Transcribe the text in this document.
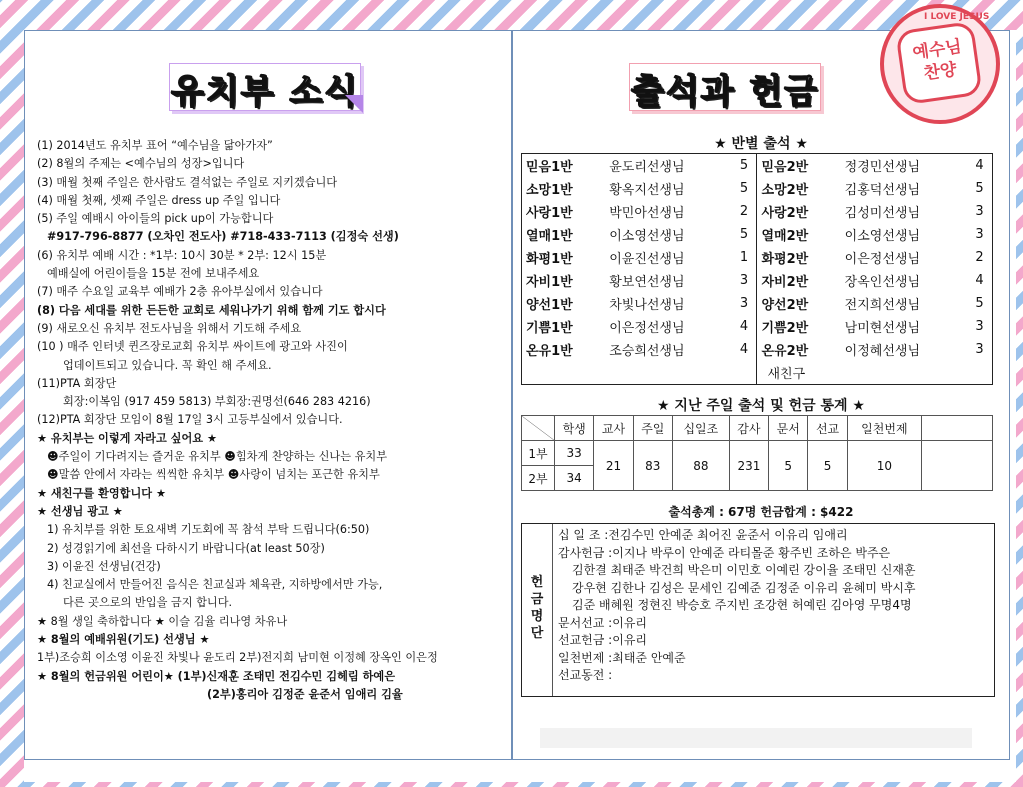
유치부 소식
(1) 2014년도 유치부 표어 “예수님을 닮아가자”
(2) 8월의 주제는 <예수님의 성장>입니다
(3) 매월 첫째 주일은 한사람도 결석없는 주일로 지키겠습니다
(4) 매월 첫째, 셋째 주일은 dress up 주일 입니다
(5) 주일 예배시 아이들의 pick up이 가능합니다
#917-796-8877 (오차인 전도사) #718-433-7113 (김정숙 선생)
(6) 유치부 예배 시간 : *1부: 10시 30분 * 2부: 12시 15분
예배실에 어린이들을 15분 전에 보내주세요
(7) 매주 수요일 교육부 예배가 2층 유아부실에서 있습니다
(8) 다음 세대를 위한 든든한 교회로 세워나가기 위해 함께 기도 합시다
(9) 새로오신 유치부 전도사님을 위해서 기도해 주세요
(10 ) 매주 인터넷 퀸즈장로교회 유치부 싸이트에 광고와 사진이
업데이트되고 있습니다. 꼭 확인 해 주세요.
(11)PTA 회장단
회장:이복임 (917 459 5813) 부회장:권명선(646 283 4216)
(12)PTA 회장단 모임이 8월 17일 3시 고등부실에서 있습니다.
★ 유치부는 이렇게 자라고 싶어요 ★
☻주일이 기다려지는 즐거운 유치부 ☻힘차게 찬양하는 신나는 유치부
☻말씀 안에서 자라는 씩씩한 유치부 ☻사랑이 넘치는 포근한 유치부
★ 새친구를 환영합니다 ★
★ 선생님 광고 ★
1) 유치부를 위한 토요새벽 기도회에 꼭 참석 부탁 드립니다(6:50)
2) 성경읽기에 최선을 다하시기 바랍니다(at least 50장)
3) 이윤진 선생님(건강)
4) 친교실에서 만들어진 음식은 친교실과 체육관, 지하방에서만 가능,
다른 곳으로의 반입을 금지 합니다.
★ 8월 생일 축하합니다 ★ 이슬 김율 리나영 차유나
★ 8월의 예배위원(기도) 선생님 ★
1부)조승희 이소영 이윤진 차빛나 윤도리 2부)전지희 남미현 이정혜 장옥인 이은정
★ 8월의 헌금위원 어린이★ (1부)신재훈 조태민 전김수민 김헤림 하예은
(2부)홍리아 김정준 윤준서 임애리 김율
출석과 헌금
★ 반별 출석 ★
믿음1반	윤도리선생님	5	믿음2반	정경민선생님	4
소망1반	황옥지선생님	5	소망2반	김홍덕선생님	5
사랑1반	박민아선생님	2	사랑2반	김성미선생님	3
열매1반	이소영선생님	5	열매2반	이소영선생님	3
화평1반	이윤진선생님	1	화평2반	이은정선생님	2
자비1반	황보연선생님	3	자비2반	장옥인선생님	4
양선1반	차빛나선생님	3	양선2반	전지희선생님	5
기쁨1반	이은정선생님	4	기쁨2반	남미현선생님	3
온유1반	조승희선생님	4	온유2반	이정혜선생님	3
			새친구		
★ 지난 주일 출석 및 헌금 통계 ★
	학생	교사	주일	십일조	감사	문서	선교	일천번제	
1부	33	21	83	88	231	5	5	10	
2부	34								
출석총계 : 67명 헌금합계 : $422
헌금명단
십 일 조 :전김수민 안예준 최어진 윤준서 이유리 임애리
감사헌금 :이지나 박루이 안예준 라티몰준 황주빈 조하은 박주은
김한결 최태준 박건희 박은미 이민호 이예린 강이율 조태민 신재훈
강우현 김한나 김성은 문세인 김예준 김정준 이유리 윤혜미 박시후
김준 배혜원 정현진 박승호 주지빈 조강현 허예린 김아영 무명4명
문서선교 :이유리
선교헌금 :이유리
일천번제 :최태준 안예준
선교동전 :
I LOVE JESUS
예수님
찬양
